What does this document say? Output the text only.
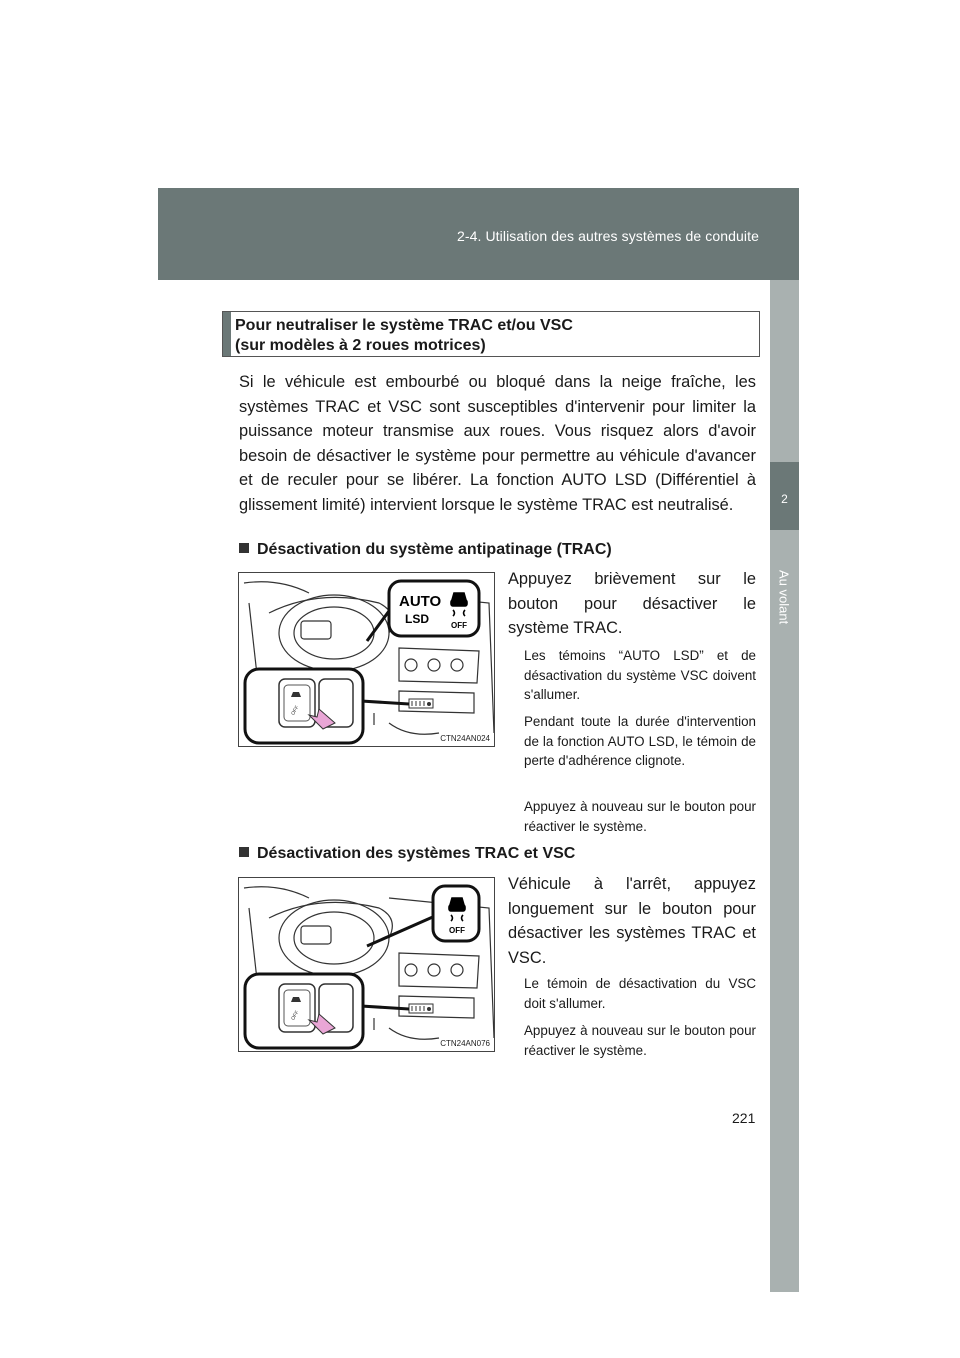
2-4. Utilisation des autres systèmes de conduite
2
Au volant
Pour neutraliser le système TRAC et/ou VSC
(sur modèles à 2 roues motrices)

Si le véhicule est embourbé ou bloqué dans la neige fraîche, les systèmes TRAC et VSC sont susceptibles d'intervenir pour limiter la puissance moteur transmise aux roues. Vous risquez alors d'avoir besoin de désactiver le système pour permettre au véhicule d'avancer et de reculer pour se libérer. La fonction AUTO LSD (Différentiel à glissement limité) intervient lorsque le système TRAC est neutralisé.

Désactivation du système antipatinage (TRAC)
AUTO
LSD	OFF
OFF
CTN24AN024

Appuyez brièvement sur le bouton pour désactiver le système TRAC.

Les témoins “AUTO LSD” et de désactivation du système VSC doivent s'allumer.

Pendant toute la durée d'intervention de la fonction AUTO LSD, le témoin de perte d'adhérence clignote.

Appuyez à nouveau sur le bouton pour réactiver le système.

Désactivation des systèmes TRAC et VSC
OFF
OFF
CTN24AN076

Véhicule à l'arrêt, appuyez longuement sur le bouton pour désactiver les systèmes TRAC et VSC.

Le témoin de désactivation du VSC doit s'allumer.

Appuyez à nouveau sur le bouton pour réactiver le système.

221
